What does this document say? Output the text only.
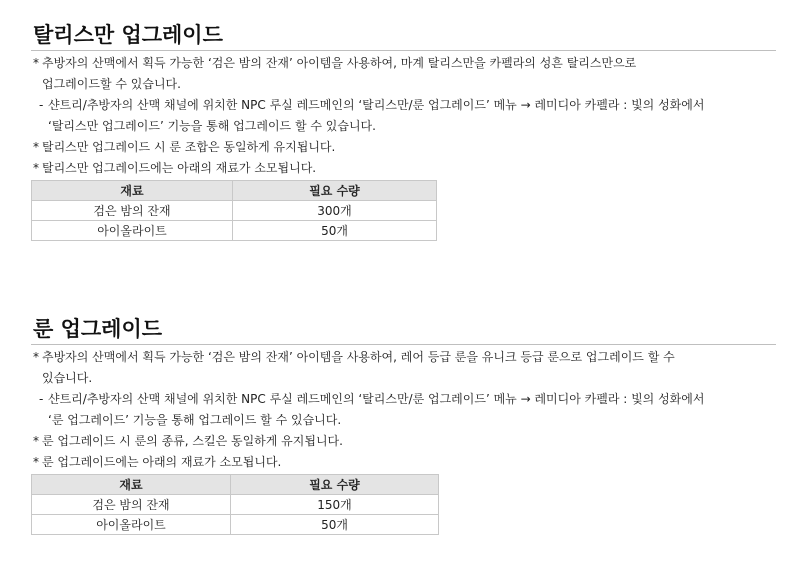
탈리스만 업그레이드
* 추방자의 산맥에서 획득 가능한 ‘검은 밤의 잔재’ 아이템을 사용하여, 마계 탈리스만을 카펠라의 성흔 탈리스만으로
업그레이드할 수 있습니다.
- 샨트리/추방자의 산맥 채널에 위치한 NPC 루실 레드메인의 ‘탈리스만/룬 업그레이드’ 메뉴 → 레미디아 카펠라 : 빛의 성화에서
‘탈리스만 업그레이드’ 기능을 통해 업그레이드 할 수 있습니다.
* 탈리스만 업그레이드 시 룬 조합은 동일하게 유지됩니다.
* 탈리스만 업그레이드에는 아래의 재료가 소모됩니다.
재료	필요 수량
검은 밤의 잔재	300개
아이올라이트	50개
룬 업그레이드
* 추방자의 산맥에서 획득 가능한 ‘검은 밤의 잔재’ 아이템을 사용하여, 레어 등급 룬을 유니크 등급 룬으로 업그레이드 할 수
있습니다.
- 샨트리/추방자의 산맥 채널에 위치한 NPC 루실 레드메인의 ‘탈리스만/룬 업그레이드’ 메뉴 → 레미디아 카펠라 : 빛의 성화에서
‘룬 업그레이드’ 기능을 통해 업그레이드 할 수 있습니다.
* 룬 업그레이드 시 룬의 종류, 스킬은 동일하게 유지됩니다.
* 룬 업그레이드에는 아래의 재료가 소모됩니다.
재료	필요 수량
검은 밤의 잔재	150개
아이올라이트	50개
